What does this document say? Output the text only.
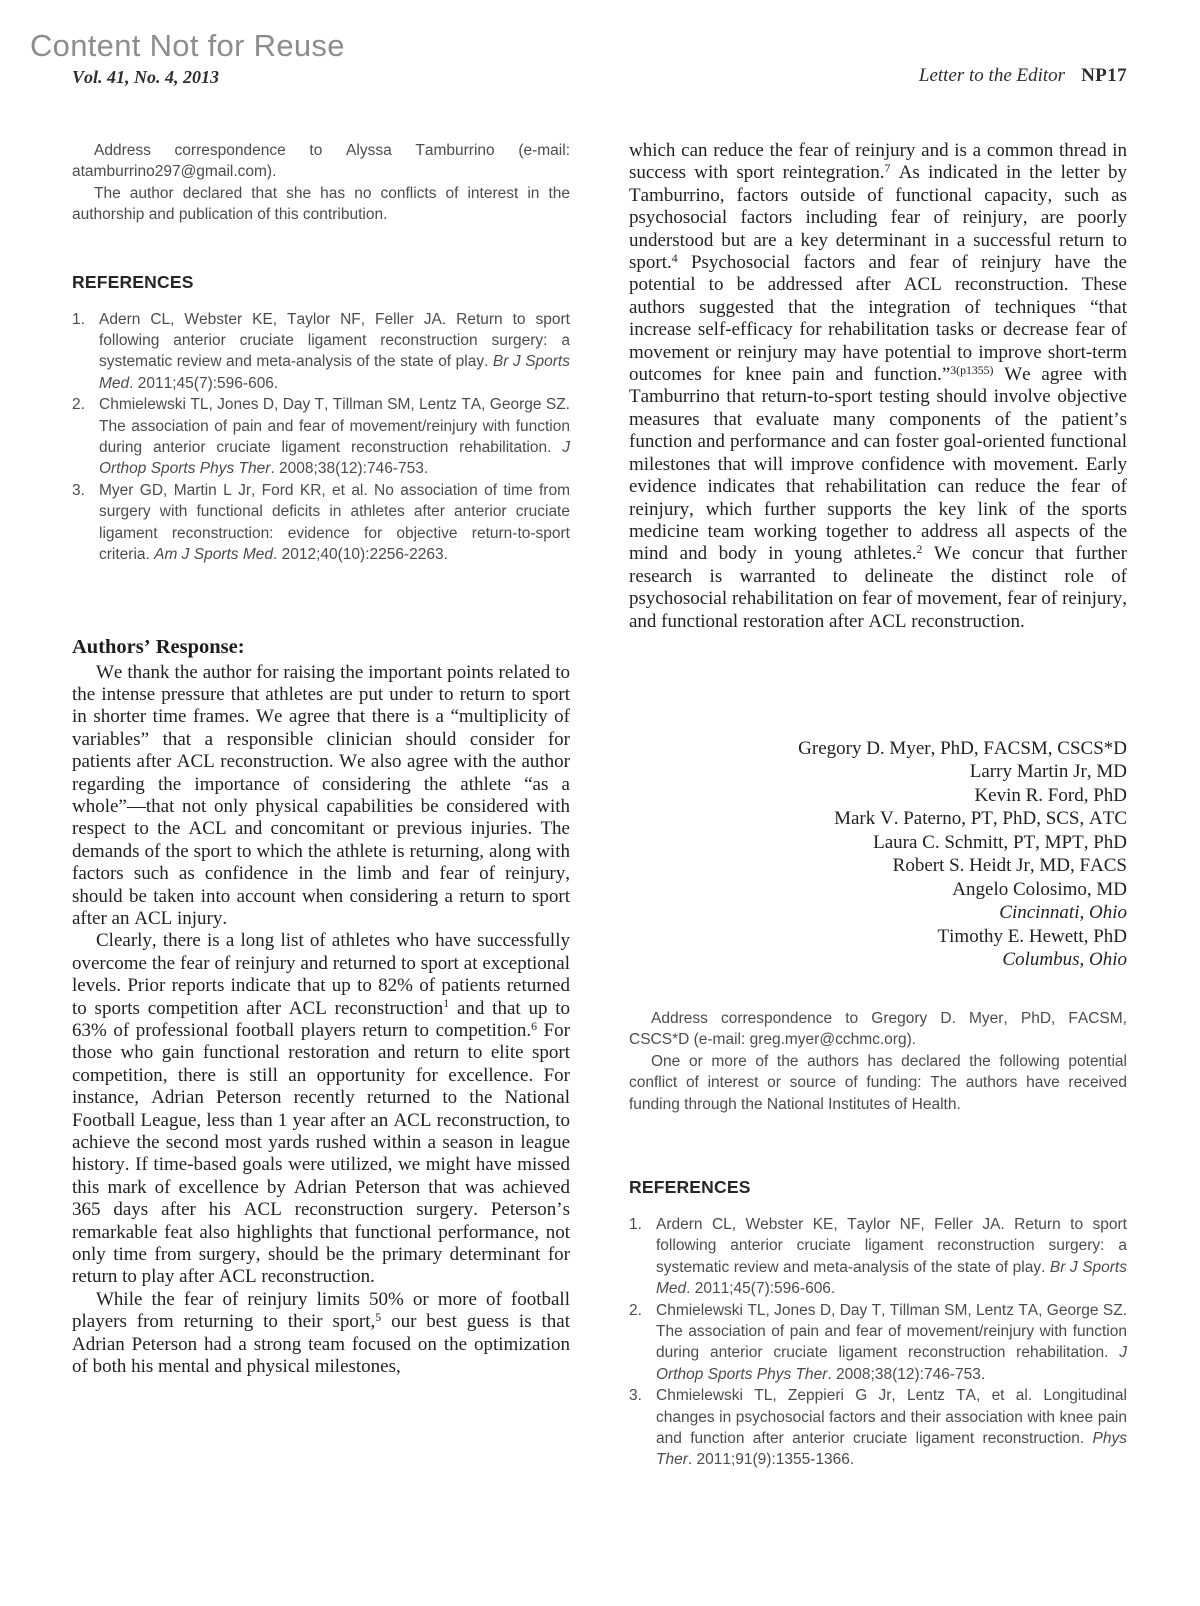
Content Not for Reuse
Vol. 41, No. 4, 2013	Letter to the Editor NP17
Address correspondence to Alyssa Tamburrino (e-mail: atamburrino297@gmail.com).
The author declared that she has no conflicts of interest in the authorship and publication of this contribution.
REFERENCES
1. Adern CL, Webster KE, Taylor NF, Feller JA. Return to sport following anterior cruciate ligament reconstruction surgery: a systematic review and meta-analysis of the state of play. Br J Sports Med. 2011;45(7):596-606.
2. Chmielewski TL, Jones D, Day T, Tillman SM, Lentz TA, George SZ. The association of pain and fear of movement/reinjury with function during anterior cruciate ligament reconstruction rehabilitation. J Orthop Sports Phys Ther. 2008;38(12):746-753.
3. Myer GD, Martin L Jr, Ford KR, et al. No association of time from surgery with functional deficits in athletes after anterior cruciate ligament reconstruction: evidence for objective return-to-sport criteria. Am J Sports Med. 2012;40(10):2256-2263.
Authors’ Response:
We thank the author for raising the important points related to the intense pressure that athletes are put under to return to sport in shorter time frames. We agree that there is a “multiplicity of variables” that a responsible clinician should consider for patients after ACL reconstruction. We also agree with the author regarding the importance of considering the athlete “as a whole”—that not only physical capabilities be considered with respect to the ACL and concomitant or previous injuries. The demands of the sport to which the athlete is returning, along with factors such as confidence in the limb and fear of reinjury, should be taken into account when considering a return to sport after an ACL injury.
Clearly, there is a long list of athletes who have successfully overcome the fear of reinjury and returned to sport at exceptional levels. Prior reports indicate that up to 82% of patients returned to sports competition after ACL reconstruction$^1$ and that up to 63% of professional football players return to competition.$^6$ For those who gain functional restoration and return to elite sport competition, there is still an opportunity for excellence. For instance, Adrian Peterson recently returned to the National Football League, less than 1 year after an ACL reconstruction, to achieve the second most yards rushed within a season in league history. If time-based goals were utilized, we might have missed this mark of excellence by Adrian Peterson that was achieved 365 days after his ACL reconstruction surgery. Peterson’s remarkable feat also highlights that functional performance, not only time from surgery, should be the primary determinant for return to play after ACL reconstruction.
While the fear of reinjury limits 50% or more of football players from returning to their sport,$^5$ our best guess is that Adrian Peterson had a strong team focused on the optimization of both his mental and physical milestones,
which can reduce the fear of reinjury and is a common thread in success with sport reintegration.$^7$ As indicated in the letter by Tamburrino, factors outside of functional capacity, such as psychosocial factors including fear of reinjury, are poorly understood but are a key determinant in a successful return to sport.$^4$ Psychosocial factors and fear of reinjury have the potential to be addressed after ACL reconstruction. These authors suggested that the integration of techniques “that increase self-efficacy for rehabilitation tasks or decrease fear of movement or reinjury may have potential to improve short-term outcomes for knee pain and function.”$^{3(p1355)}$ We agree with Tamburrino that return-to-sport testing should involve objective measures that evaluate many components of the patient’s function and performance and can foster goal-oriented functional milestones that will improve confidence with movement. Early evidence indicates that rehabilitation can reduce the fear of reinjury, which further supports the key link of the sports medicine team working together to address all aspects of the mind and body in young athletes.$^2$ We concur that further research is warranted to delineate the distinct role of psychosocial rehabilitation on fear of movement, fear of reinjury, and functional restoration after ACL reconstruction.
Gregory D. Myer, PhD, FACSM, CSCS*D
Larry Martin Jr, MD
Kevin R. Ford, PhD
Mark V. Paterno, PT, PhD, SCS, ATC
Laura C. Schmitt, PT, MPT, PhD
Robert S. Heidt Jr, MD, FACS
Angelo Colosimo, MD
Cincinnati, Ohio
Timothy E. Hewett, PhD
Columbus, Ohio
Address correspondence to Gregory D. Myer, PhD, FACSM, CSCS*D (e-mail: greg.myer@cchmc.org).
One or more of the authors has declared the following potential conflict of interest or source of funding: The authors have received funding through the National Institutes of Health.
REFERENCES
1. Ardern CL, Webster KE, Taylor NF, Feller JA. Return to sport following anterior cruciate ligament reconstruction surgery: a systematic review and meta-analysis of the state of play. Br J Sports Med. 2011;45(7):596-606.
2. Chmielewski TL, Jones D, Day T, Tillman SM, Lentz TA, George SZ. The association of pain and fear of movement/reinjury with function during anterior cruciate ligament reconstruction rehabilitation. J Orthop Sports Phys Ther. 2008;38(12):746-753.
3. Chmielewski TL, Zeppieri G Jr, Lentz TA, et al. Longitudinal changes in psychosocial factors and their association with knee pain and function after anterior cruciate ligament reconstruction. Phys Ther. 2011;91(9):1355-1366.
